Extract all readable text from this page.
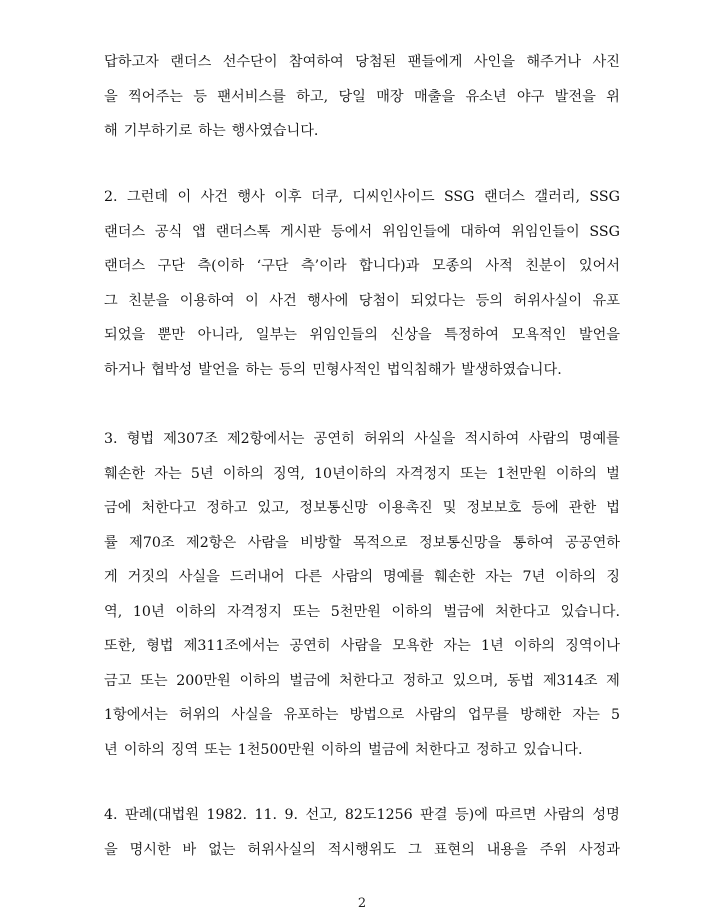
답하고자 랜더스 선수단이 참여하여 당첨된 팬들에게 사인을 해주거나 사진
을 찍어주는 등 팬서비스를 하고, 당일 매장 매출을 유소년 야구 발전을 위
해 기부하기로 하는 행사였습니다.
2. 그런데 이 사건 행사 이후 더쿠, 디씨인사이드 SSG 랜더스 갤러리, SSG
랜더스 공식 앱 랜더스톡 게시판 등에서 위임인들에 대하여 위임인들이 SSG
랜더스 구단 측(이하 ‘구단 측’이라 합니다)과 모종의 사적 친분이 있어서
그 친분을 이용하여 이 사건 행사에 당첨이 되었다는 등의 허위사실이 유포
되었을 뿐만 아니라, 일부는 위임인들의 신상을 특정하여 모욕적인 발언을
하거나 협박성 발언을 하는 등의 민형사적인 법익침해가 발생하였습니다.
3. 형법 제307조 제2항에서는 공연히 허위의 사실을 적시하여 사람의 명예를
훼손한 자는 5년 이하의 징역, 10년이하의 자격정지 또는 1천만원 이하의 벌
금에 처한다고 정하고 있고, 정보통신망 이용촉진 및 정보보호 등에 관한 법
률 제70조 제2항은 사람을 비방할 목적으로 정보통신망을 통하여 공공연하
게 거짓의 사실을 드러내어 다른 사람의 명예를 훼손한 자는 7년 이하의 징
역, 10년 이하의 자격정지 또는 5천만원 이하의 벌금에 처한다고 있습니다.
또한, 형법 제311조에서는 공연히 사람을 모욕한 자는 1년 이하의 징역이나
금고 또는 200만원 이하의 벌금에 처한다고 정하고 있으며, 동법 제314조 제
1항에서는 허위의 사실을 유포하는 방법으로 사람의 업무를 방해한 자는 5
년 이하의 징역 또는 1천500만원 이하의 벌금에 처한다고 정하고 있습니다.
4. 판례(대법원 1982. 11. 9. 선고, 82도1256 판결 등)에 따르면 사람의 성명
을 명시한 바 없는 허위사실의 적시행위도 그 표현의 내용을 주위 사정과
2
